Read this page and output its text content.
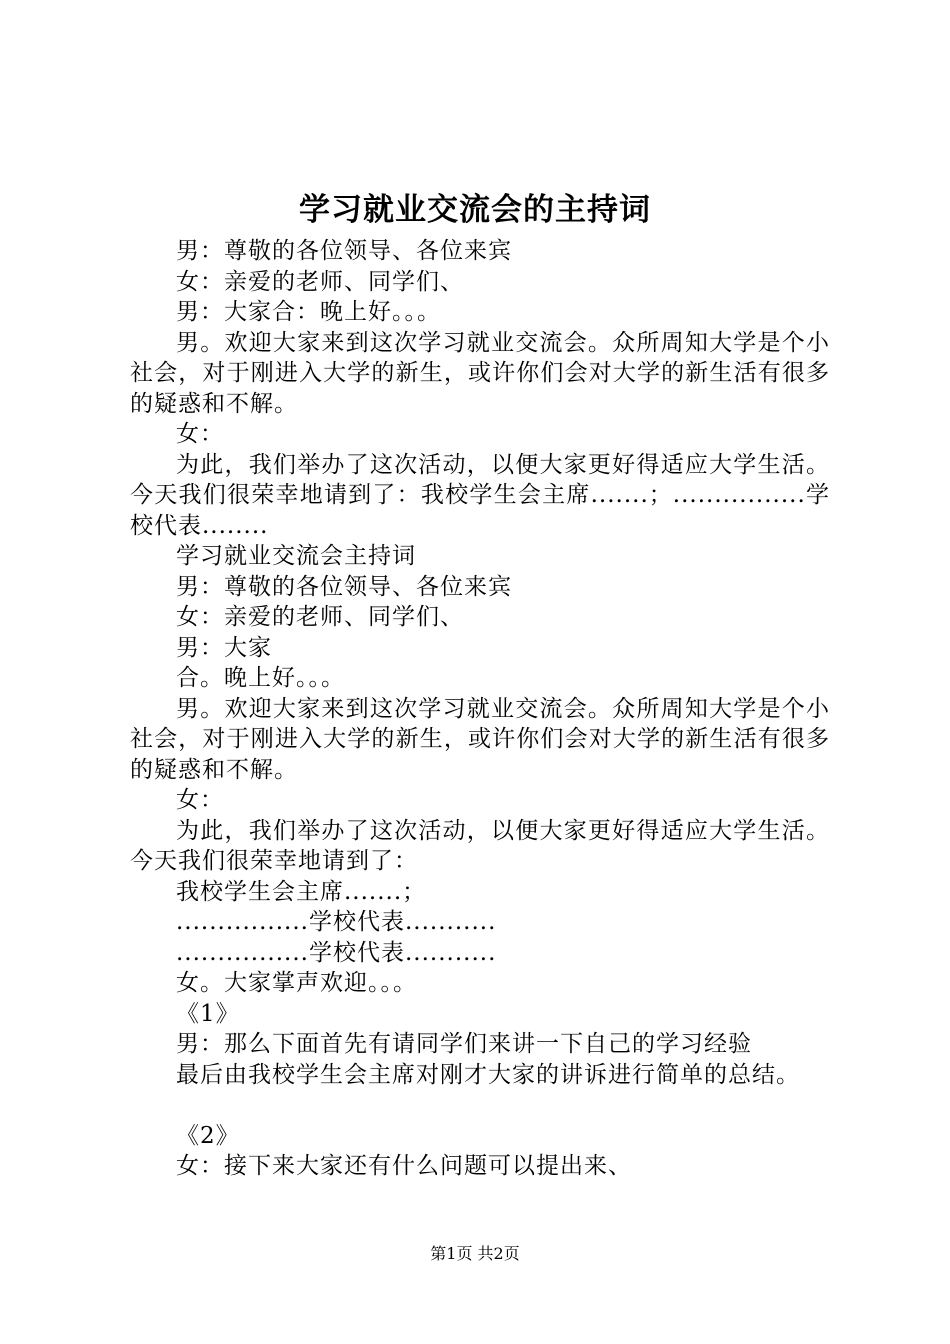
学习就业交流会的主持词

男：尊敬的各位领导、各位来宾

女：亲爱的老师、同学们、

男：大家合：晚上好。。。

男。欢迎大家来到这次学习就业交流会。众所周知大学是个小社会，对于刚进入大学的新生，或许你们会对大学的新生活有很多的疑惑和不解。

女：

为此，我们举办了这次活动，以便大家更好得适应大学生活。今天我们很荣幸地请到了：我校学生会主席.......；................学校代表........

学习就业交流会主持词

男：尊敬的各位领导、各位来宾

女：亲爱的老师、同学们、

男：大家

合。晚上好。。。

男。欢迎大家来到这次学习就业交流会。众所周知大学是个小社会，对于刚进入大学的新生，或许你们会对大学的新生活有很多的疑惑和不解。

女：

为此，我们举办了这次活动，以便大家更好得适应大学生活。今天我们很荣幸地请到了：

我校学生会主席.......；

................学校代表...........

................学校代表...........

女。大家掌声欢迎。。。

《1》

男：那么下面首先有请同学们来讲一下自己的学习经验

最后由我校学生会主席对刚才大家的讲诉进行简单的总结。

《2》

女：接下来大家还有什么问题可以提出来、

第1页 共2页
